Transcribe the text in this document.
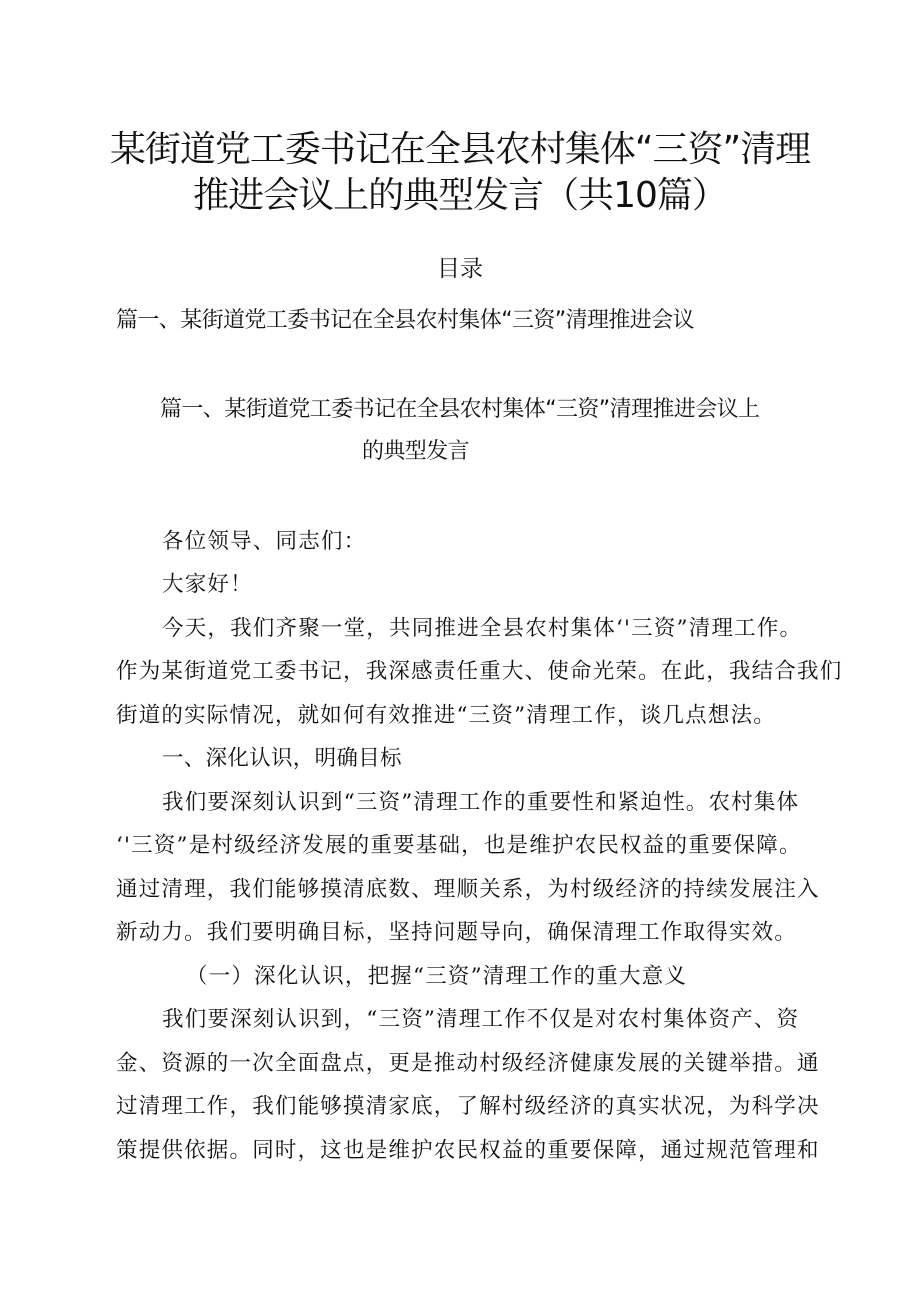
某街道党工委书记在全县农村集体“三资”清理
推进会议上的典型发言（共10篇）
目录
篇一、某街道党工委书记在全县农村集体“三资”清理推进会议
篇一、某街道党工委书记在全县农村集体“三资”清理推进会议上
的典型发言
各位领导、同志们：
大家好！
今天，我们齐聚一堂，共同推进全县农村集体‘'三资”清理工作。
作为某街道党工委书记，我深感责任重大、使命光荣。在此，我结合我们
街道的实际情况，就如何有效推进“三资”清理工作，谈几点想法。
一、深化认识，明确目标
我们要深刻认识到“三资”清理工作的重要性和紧迫性。农村集体
‘'三资”是村级经济发展的重要基础，也是维护农民权益的重要保障。
通过清理，我们能够摸清底数、理顺关系，为村级经济的持续发展注入
新动力。我们要明确目标，坚持问题导向，确保清理工作取得实效。
（一）深化认识，把握“三资”清理工作的重大意义
我们要深刻认识到，“三资”清理工作不仅是对农村集体资产、资
金、资源的一次全面盘点，更是推动村级经济健康发展的关键举措。通
过清理工作，我们能够摸清家底，了解村级经济的真实状况，为科学决
策提供依据。同时，这也是维护农民权益的重要保障，通过规范管理和
